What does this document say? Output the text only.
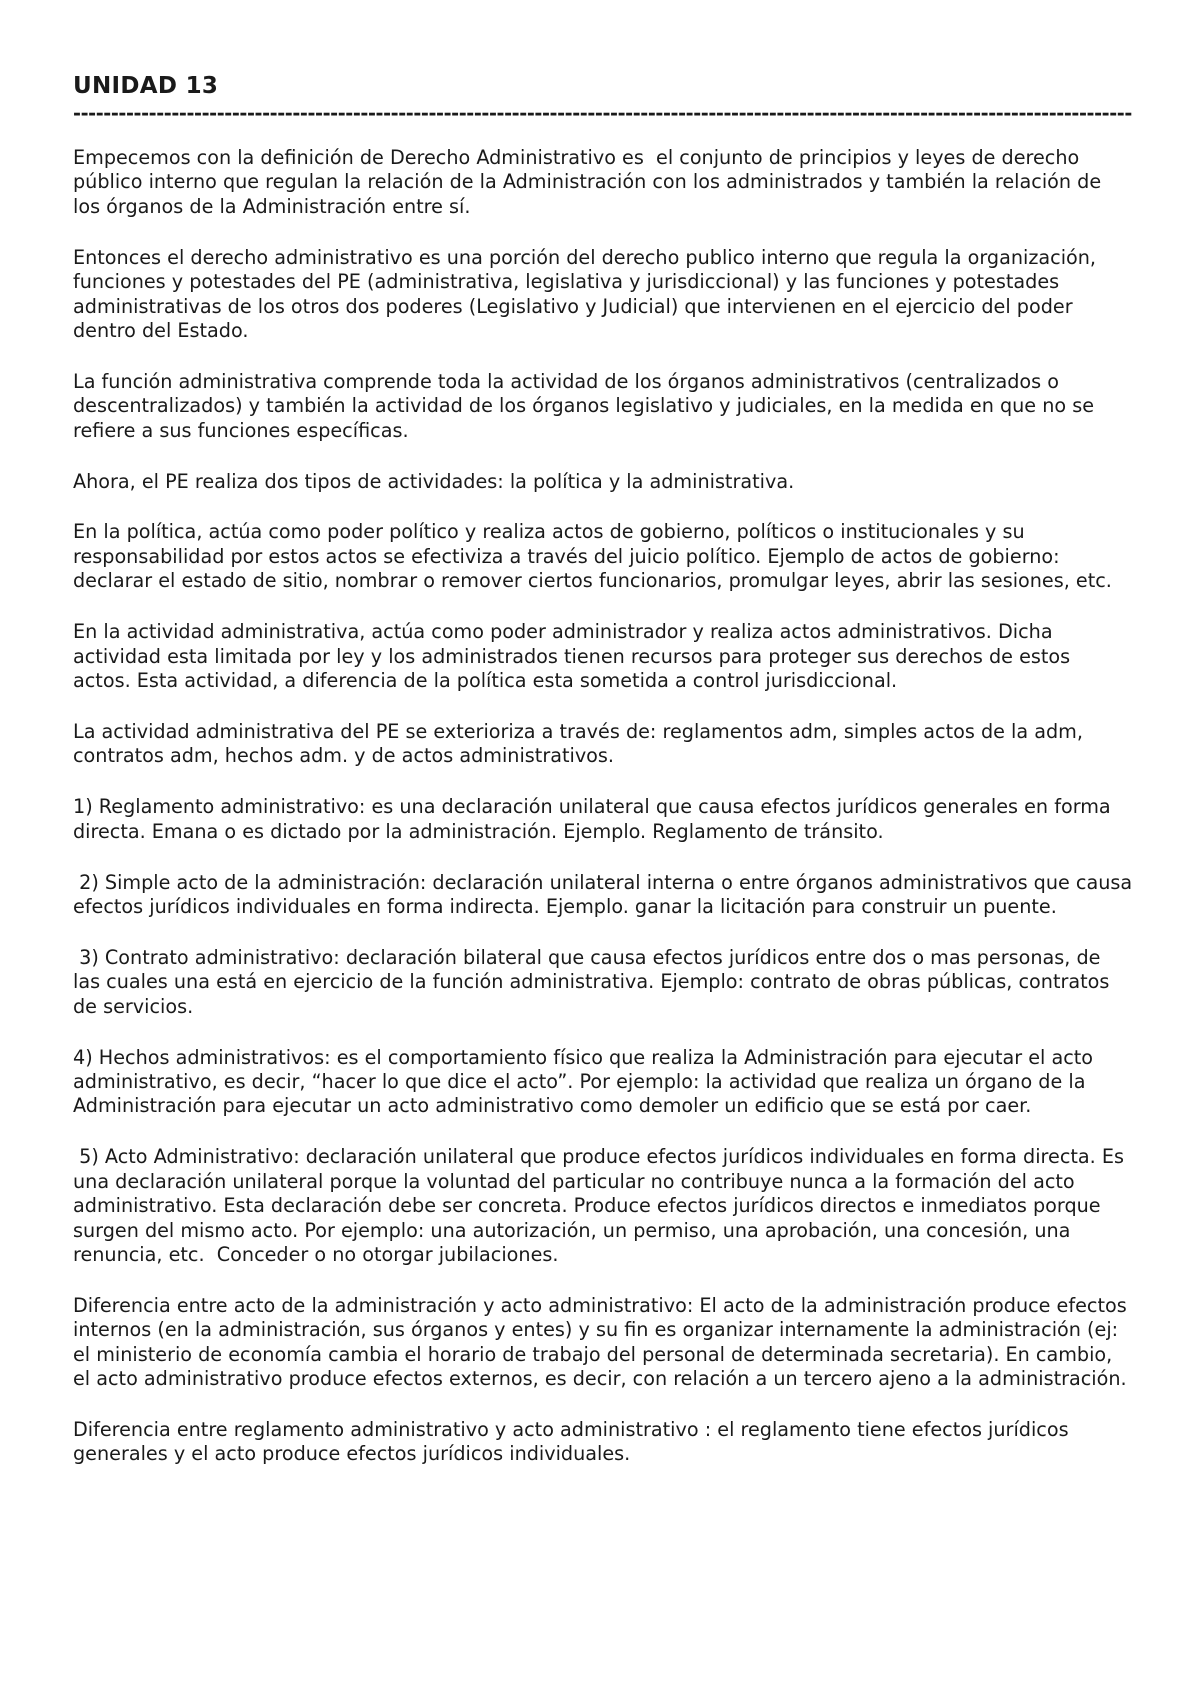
UNIDAD 13
--------------------------------------------------------------------------------------------------------------------------------------------

Empecemos con la definición de Derecho Administrativo es  el conjunto de principios y leyes de derecho público interno que regulan la relación de la Administración con los administrados y también la relación de los órganos de la Administración entre sí.

Entonces el derecho administrativo es una porción del derecho publico interno que regula la organización, funciones y potestades del PE (administrativa, legislativa y jurisdiccional) y las funciones y potestades administrativas de los otros dos poderes (Legislativo y Judicial) que intervienen en el ejercicio del poder dentro del Estado.

La función administrativa comprende toda la actividad de los órganos administrativos (centralizados o descentralizados) y también la actividad de los órganos legislativo y judiciales, en la medida en que no se refiere a sus funciones específicas.

Ahora, el PE realiza dos tipos de actividades: la política y la administrativa.

En la política, actúa como poder político y realiza actos de gobierno, políticos o institucionales y su responsabilidad por estos actos se efectiviza a través del juicio político. Ejemplo de actos de gobierno: declarar el estado de sitio, nombrar o remover ciertos funcionarios, promulgar leyes, abrir las sesiones, etc.

En la actividad administrativa, actúa como poder administrador y realiza actos administrativos. Dicha actividad esta limitada por ley y los administrados tienen recursos para proteger sus derechos de estos actos. Esta actividad, a diferencia de la política esta sometida a control jurisdiccional.

La actividad administrativa del PE se exterioriza a través de: reglamentos adm, simples actos de la adm, contratos adm, hechos adm. y de actos administrativos.

1) Reglamento administrativo: es una declaración unilateral que causa efectos jurídicos generales en forma directa. Emana o es dictado por la administración. Ejemplo. Reglamento de tránsito.

2) Simple acto de la administración: declaración unilateral interna o entre órganos administrativos que causa efectos jurídicos individuales en forma indirecta. Ejemplo. ganar la licitación para construir un puente.

3) Contrato administrativo: declaración bilateral que causa efectos jurídicos entre dos o mas personas, de las cuales una está en ejercicio de la función administrativa. Ejemplo: contrato de obras públicas, contratos de servicios.

4) Hechos administrativos: es el comportamiento físico que realiza la Administración para ejecutar el acto administrativo, es decir, “hacer lo que dice el acto”. Por ejemplo: la actividad que realiza un órgano de la Administración para ejecutar un acto administrativo como demoler un edificio que se está por caer.

5) Acto Administrativo: declaración unilateral que produce efectos jurídicos individuales en forma directa. Es una declaración unilateral porque la voluntad del particular no contribuye nunca a la formación del acto administrativo. Esta declaración debe ser concreta. Produce efectos jurídicos directos e inmediatos porque surgen del mismo acto. Por ejemplo: una autorización, un permiso, una aprobación, una concesión, una renuncia, etc.  Conceder o no otorgar jubilaciones.

Diferencia entre acto de la administración y acto administrativo: El acto de la administración produce efectos internos (en la administración, sus órganos y entes) y su fin es organizar internamente la administración (ej: el ministerio de economía cambia el horario de trabajo del personal de determinada secretaria). En cambio, el acto administrativo produce efectos externos, es decir, con relación a un tercero ajeno a la administración.

Diferencia entre reglamento administrativo y acto administrativo : el reglamento tiene efectos jurídicos generales y el acto produce efectos jurídicos individuales.
